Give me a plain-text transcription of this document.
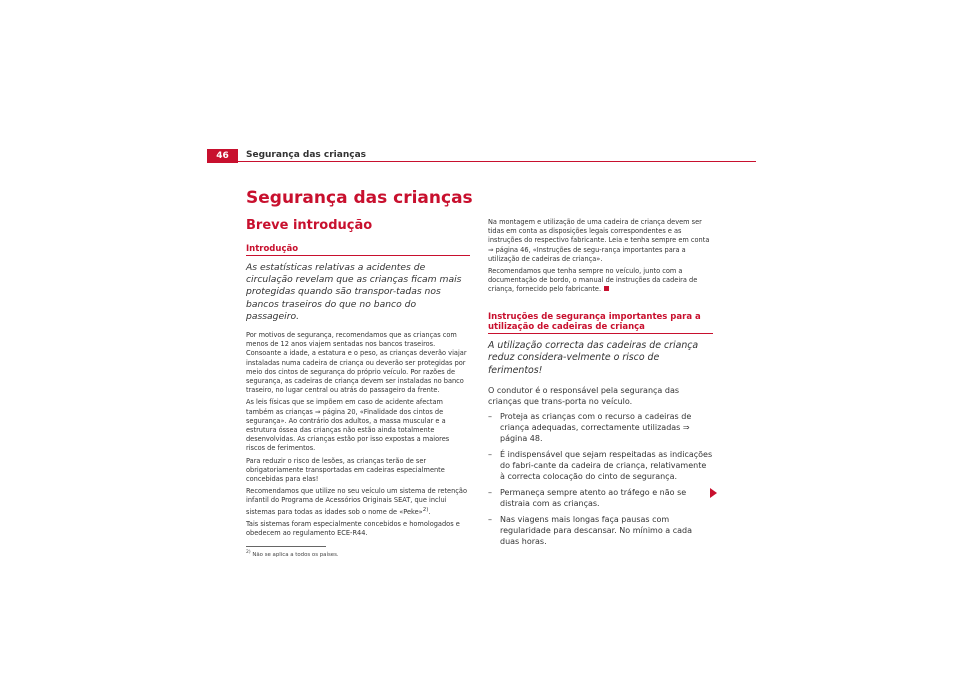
46	Segurança das crianças
Segurança das crianças
Breve introdução
Introdução

As estatísticas relativas a acidentes de circulação revelam que as crianças ficam mais protegidas quando são transpor-tadas nos bancos traseiros do que no banco do passageiro.

Por motivos de segurança, recomendamos que as crianças com menos de 12 anos viajem sentadas nos bancos traseiros. Consoante a idade, a estatura e o peso, as crianças deverão viajar instaladas numa cadeira de criança ou deverão ser protegidas por meio dos cintos de segurança do próprio veículo. Por razões de segurança, as cadeiras de criança devem ser instaladas no banco traseiro, no lugar central ou atrás do passageiro da frente.

As leis físicas que se impõem em caso de acidente afectam também as crianças ⇒ página 20, «Finalidade dos cintos de segurança». Ao contrário dos adultos, a massa muscular e a estrutura óssea das crianças não estão ainda totalmente desenvolvidas. As crianças estão por isso expostas a maiores riscos de ferimentos.

Para reduzir o risco de lesões, as crianças terão de ser obrigatoriamente transportadas em cadeiras especialmente concebidas para elas!

Recomendamos que utilize no seu veículo um sistema de retenção infantil do Programa de Acessórios Originais SEAT, que inclui sistemas para todas as idades sob o nome de «Peke»$^{2)}$.

Tais sistemas foram especialmente concebidos e homologados e obedecem ao regulamento ECE-R44.

$^{2)}$ Não se aplica a todos os países.

Na montagem e utilização de uma cadeira de criança devem ser tidas em conta as disposições legais correspondentes e as instruções do respectivo fabricante. Leia e tenha sempre em conta ⇒ página 46, «Instruções de segu-rança importantes para a utilização de cadeiras de criança».

Recomendamos que tenha sempre no veículo, junto com a documentação de bordo, o manual de instruções da cadeira de criança, fornecido pelo fabricante.

Instruções de segurança importantes para a utilização de cadeiras de criança

A utilização correcta das cadeiras de criança reduz considera-velmente o risco de ferimentos!

O condutor é o responsável pela segurança das crianças que trans-porta no veículo.

– Proteja as crianças com o recurso a cadeiras de criança adequadas, correctamente utilizadas ⇒ página 48.
– É indispensável que sejam respeitadas as indicações do fabri-cante da cadeira de criança, relativamente à correcta colocação do cinto de segurança.
– Permaneça sempre atento ao tráfego e não se distraia com as crianças.
– Nas viagens mais longas faça pausas com regularidade para descansar. No mínimo a cada duas horas.
